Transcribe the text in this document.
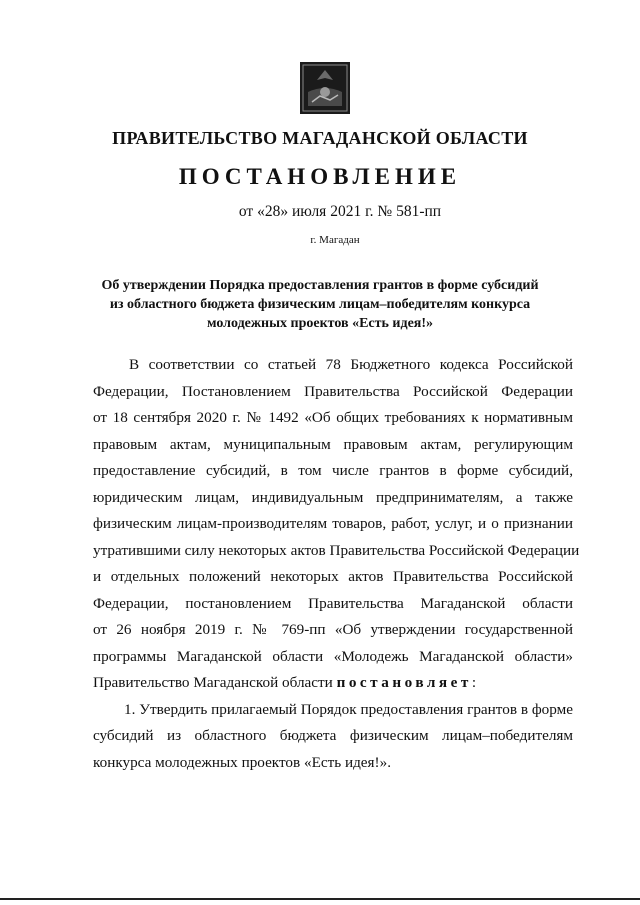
ПРАВИТЕЛЬСТВО МАГАДАНСКОЙ ОБЛАСТИ
ПОСТАНОВЛЕНИЕ
от «28» июля 2021 г. № 581-пп
г. Магадан
Об утверждении Порядка предоставления грантов в форме субсидий
из областного бюджета физическим лицам–победителям конкурса
молодежных проектов «Есть идея!»
В соответствии со статьей 78 Бюджетного кодекса Российской
Федерации, Постановлением Правительства Российской Федерации
от 18 сентября 2020 г. № 1492 «Об общих требованиях к нормативным
правовым актам, муниципальным правовым актам, регулирующим
предоставление субсидий, в том числе грантов в форме субсидий,
юридическим лицам, индивидуальным предпринимателям, а также
физическим лицам-производителям товаров, работ, услуг, и о признании
утратившими силу некоторых актов Правительства Российской Федерации
и отдельных положений некоторых актов Правительства Российской
Федерации, постановлением Правительства Магаданской области
от 26 ноября 2019 г. № 769-пп «Об утверждении государственной
программы Магаданской области «Молодежь Магаданской области»
Правительство Магаданской области постановляет:
1. Утвердить прилагаемый Порядок предоставления грантов в форме
субсидий из областного бюджета физическим лицам–победителям
конкурса молодежных проектов «Есть идея!».
